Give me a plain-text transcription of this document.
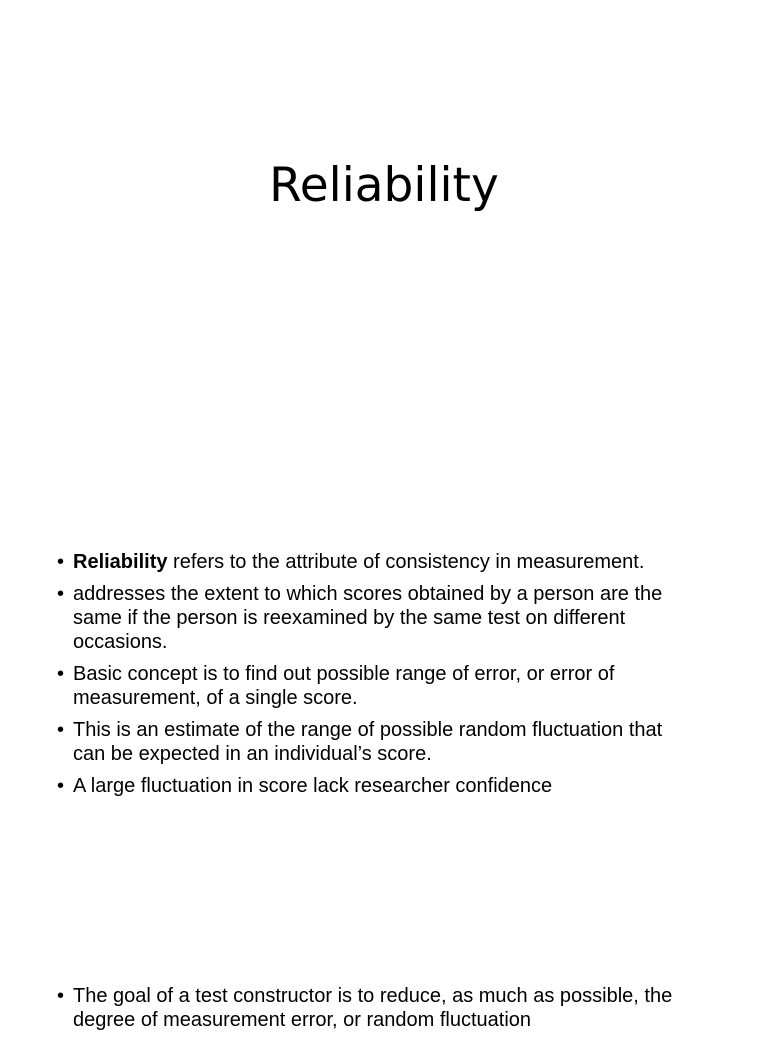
Reliability
• Reliability refers to the attribute of consistency in measurement.
• addresses the extent to which scores obtained by a person are the same if the person is reexamined by the same test on different occasions.
• Basic concept is to find out possible range of error, or error of measurement, of a single score.
• This is an estimate of the range of possible random fluctuation that can be expected in an individual’s score.
• A large fluctuation in score lack researcher confidence
• The goal of a test constructor is to reduce, as much as possible, the degree of measurement error, or random fluctuation
